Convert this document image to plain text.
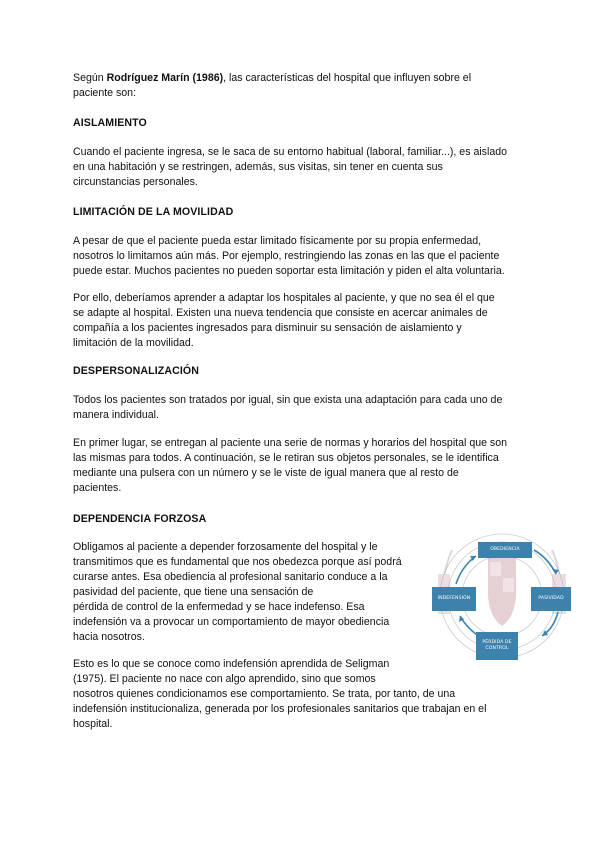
Según Rodríguez Marín (1986), las características del hospital que influyen sobre el
paciente son:

AISLAMIENTO

Cuando el paciente ingresa, se le saca de su entorno habitual (laboral, familiar...), es aislado
en una habitación y se restringen, además, sus visitas, sin tener en cuenta sus
circunstancias personales.

LIMITACIÓN DE LA MOVILIDAD

A pesar de que el paciente pueda estar limitado físicamente por su propia enfermedad,
nosotros lo limitamos aún más. Por ejemplo, restringiendo las zonas en las que el paciente
puede estar. Muchos pacientes no pueden soportar esta limitación y piden el alta voluntaria.

Por ello, deberíamos aprender a adaptar los hospitales al paciente, y que no sea él el que
se adapte al hospital. Existen una nueva tendencia que consiste en acercar animales de
compañía a los pacientes ingresados para disminuir su sensación de aislamiento y
limitación de la movilidad.

DESPERSONALIZACIÓN

Todos los pacientes son tratados por igual, sin que exista una adaptación para cada uno de
manera individual.

En primer lugar, se entregan al paciente una serie de normas y horarios del hospital que son
las mismas para todos. A continuación, se le retiran sus objetos personales, se le identifica
mediante una pulsera con un número y se le viste de igual manera que al resto de
pacientes.

DEPENDENCIA FORZOSA

Obligamos al paciente a depender forzosamente del hospital y le
transmitimos que es fundamental que nos obedezca porque así podrá
curarse antes. Esa obediencia al profesional sanitario conduce a la
pasividad del paciente, que tiene una sensación de
pérdida de control de la enfermedad y se hace indefenso. Esa
indefensión va a provocar un comportamiento de mayor obediencia
hacia nosotros.

Esto es lo que se conoce como indefensión aprendida de Seligman
(1975). El paciente no nace con algo aprendido, sino que somos
nosotros quienes condicionamos ese comportamiento. Se trata, por tanto, de una
indefensión institucionaliza, generada por los profesionales sanitarios que trabajan en el
hospital.

OBEDIENCIA
PASIVIDAD
PÉRDIDA DE
CONTROL
INDEFENSIÓN
